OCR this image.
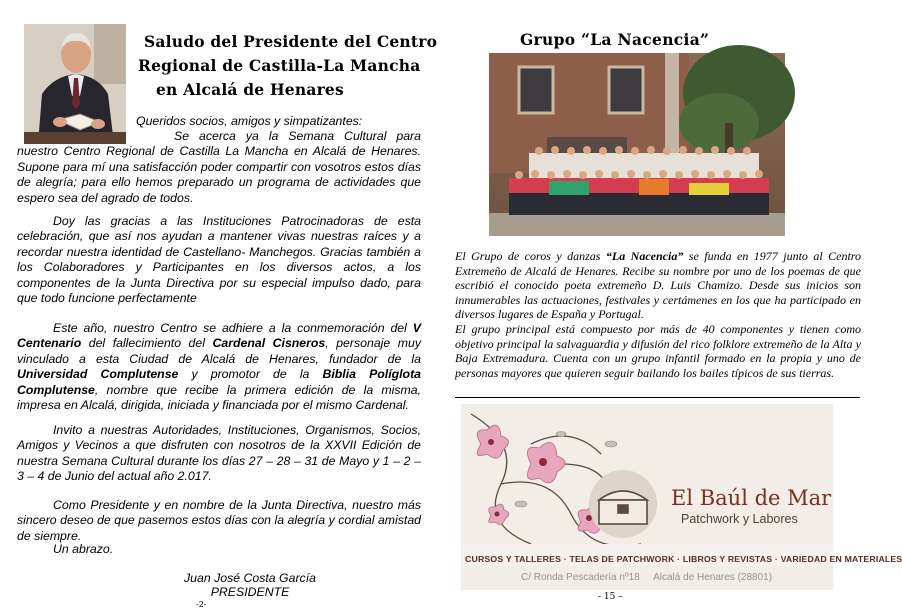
Saludo del Presidente del Centro
Regional de Castilla-La Mancha
en Alcalá de Henares
Queridos socios, amigos y simpatizantes:

Se acerca ya la Semana Cultural para nuestro Centro Regional de Castilla La Mancha en Alcalá de Henares. Supone para mí una satisfacción poder compartir con vosotros estos días de alegría; para ello hemos preparado un programa de actividades que espero sea del agrado de todos.

Doy las gracias a las Instituciones Patrocinadoras de esta celebración, que así nos ayudan a mantener vivas nuestras raíces y a recordar nuestra identidad de Castellano- Manchegos. Gracias también a los Colaboradores y Participantes en los diversos actos, a los componentes de la Junta Directiva por su especial impulso dado, para que todo funcione perfectamente

Este año, nuestro Centro se adhiere a la conmemoración del V Centenario del fallecimiento del Cardenal Cisneros, personaje muy vinculado a esta Ciudad de Alcalá de Henares, fundador de la Universidad Complutense y promotor de la Biblia Políglota Complutense, nombre que recibe la primera edición de la misma, impresa en Alcalá, dirigida, iniciada y financiada por el mismo Cardenal.

Invito a nuestras Autoridades, Instituciones, Organismos, Socios, Amigos y Vecinos a que disfruten con nosotros de la XXVII Edición de nuestra Semana Cultural durante los días 27 – 28 – 31 de Mayo y 1 – 2 – 3 – 4 de Junio del actual año 2.017.

Como Presidente y en nombre de la Junta Directiva, nuestro más sincero deseo de que pasemos estos días con la alegría y cordial amistad de siempre.

Un abrazo.
Juan José Costa García
PRESIDENTE
-2-
Grupo “La Nacencia”

El Grupo de coros y danzas “La Nacencia” se funda en 1977 junto al Centro Extremeño de Alcalá de Henares. Recibe su nombre por uno de los poemas de que escribió el conocido poeta extremeño D. Luis Chamizo. Desde sus inicios son innumerables las actuaciones, festivales y certámenes en los que ha participado en diversos lugares de España y Portugal.

El grupo principal está compuesto por más de 40 componentes y tienen como objetivo principal la salvaguardia y difusión del rico folklore extremeño de la Alta y Baja Extremadura. Cuenta con un grupo infantil formado en la propia y uno de personas mayores que quieren seguir bailando los bailes típicos de sus tierras.

El Baúl de Mar
Patchwork y Labores
CURSOS Y TALLERES · TELAS DE PATCHWORK · LIBROS Y REVISTAS · VARIEDAD EN MATERIALES
C/ Ronda Pescadería nº18 Alcalá de Henares (28801)
- 15 –
